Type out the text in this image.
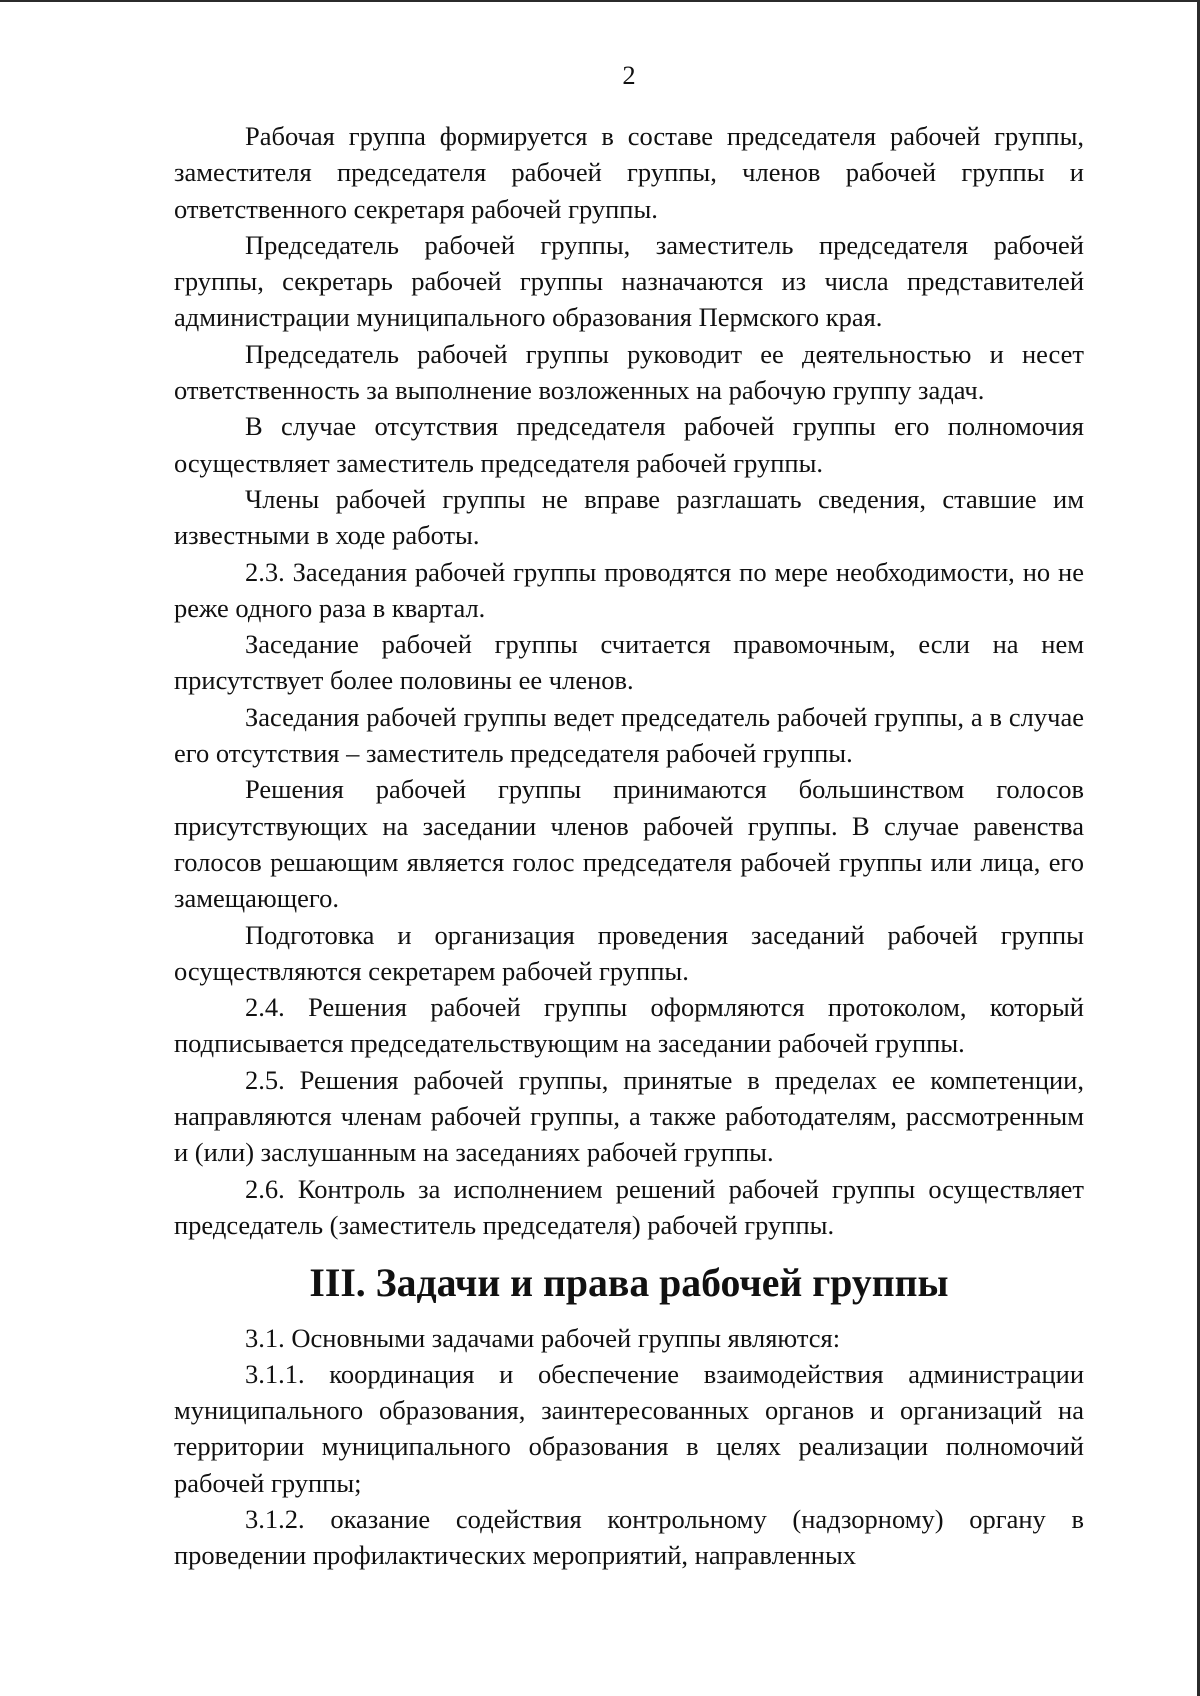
2

Рабочая группа формируется в составе председателя рабочей группы, заместителя председателя рабочей группы, членов рабочей группы и ответственного секретаря рабочей группы.

Председатель рабочей группы, заместитель председателя рабочей группы, секретарь рабочей группы назначаются из числа представителей администрации муниципального образования Пермского края.

Председатель рабочей группы руководит ее деятельностью и несет ответственность за выполнение возложенных на рабочую группу задач.

В случае отсутствия председателя рабочей группы его полномочия осуществляет заместитель председателя рабочей группы.

Члены рабочей группы не вправе разглашать сведения, ставшие им известными в ходе работы.

2.3. Заседания рабочей группы проводятся по мере необходимости, но не реже одного раза в квартал.

Заседание рабочей группы считается правомочным, если на нем присутствует более половины ее членов.

Заседания рабочей группы ведет председатель рабочей группы, а в случае его отсутствия – заместитель председателя рабочей группы.

Решения рабочей группы принимаются большинством голосов присутствующих на заседании членов рабочей группы. В случае равенства голосов решающим является голос председателя рабочей группы или лица, его замещающего.

Подготовка и организация проведения заседаний рабочей группы осуществляются секретарем рабочей группы.

2.4. Решения рабочей группы оформляются протоколом, который подписывается председательствующим на заседании рабочей группы.

2.5. Решения рабочей группы, принятые в пределах ее компетенции, направляются членам рабочей группы, а также работодателям, рассмотренным и (или) заслушанным на заседаниях рабочей группы.

2.6. Контроль за исполнением решений рабочей группы осуществляет председатель (заместитель председателя) рабочей группы.

III. Задачи и права рабочей группы

3.1. Основными задачами рабочей группы являются:

3.1.1. координация и обеспечение взаимодействия администрации муниципального образования, заинтересованных органов и организаций на территории муниципального образования в целях реализации полномочий рабочей группы;

3.1.2. оказание содействия контрольному (надзорному) органу в проведении профилактических мероприятий, направленных
